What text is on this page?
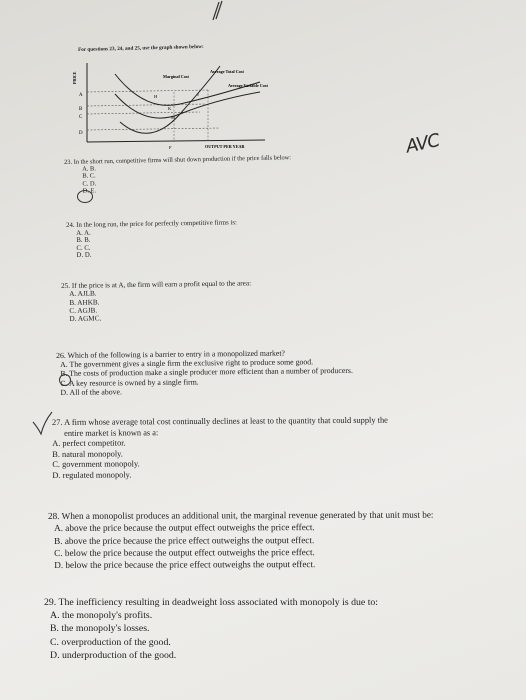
For questions 23, 24, and 25, use the graph shown below:
Marginal Cost
Average Total Cost
Average Variable Cost
A
B
C
D
H	J
K
M
F
PRICE
OUTPUT PER YEAR
23. In the short run, competitive firms will shut down production if the price falls below:
A. B.
B. C.
C. D.
D. E.
AVC
24. In the long run, the price for perfectly competitive firms is:
A. A.
B. B.
C. C.
D. D.
25. If the price is at A, the firm will earn a profit equal to the area:
A. AJLB.
B. AHKB.
C. AGJB.
D. AGMC.
26. Which of the following is a barrier to entry in a monopolized market?
A. The government gives a single firm the exclusive right to produce some good.
B. The costs of production make a single producer more efficient than a number of producers.
C. A key resource is owned by a single firm.
D. All of the above.
27. A firm whose average total cost continually declines at least to the quantity that could supply the
entire market is known as a:
A. perfect competitor.
B. natural monopoly.
C. government monopoly.
D. regulated monopoly.
28. When a monopolist produces an additional unit, the marginal revenue generated by that unit must be:
A. above the price because the output effect outweighs the price effect.
B. above the price because the price effect outweighs the output effect.
C. below the price because the output effect outweighs the price effect.
D. below the price because the price effect outweighs the output effect.
29. The inefficiency resulting in deadweight loss associated with monopoly is due to:
A. the monopoly's profits.
B. the monopoly's losses.
C. overproduction of the good.
D. underproduction of the good.
